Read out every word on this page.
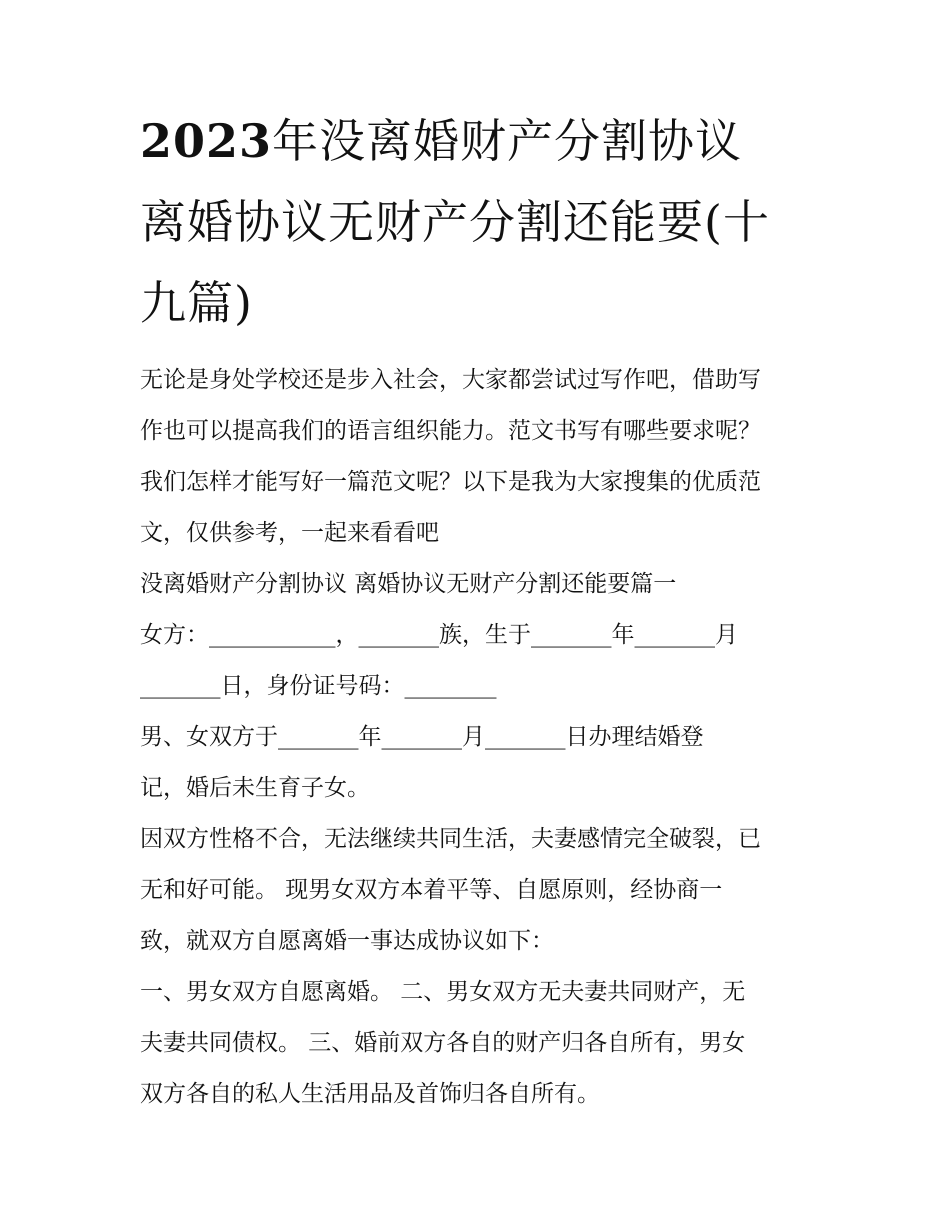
2023年没离婚财产分割协议
离婚协议无财产分割还能要(十
九篇)
无论是身处学校还是步入社会，大家都尝试过写作吧，借助写
作也可以提高我们的语言组织能力。范文书写有哪些要求呢？
我们怎样才能写好一篇范文呢？以下是我为大家搜集的优质范
文，仅供参考，一起来看看吧
没离婚财产分割协议 离婚协议无财产分割还能要篇一
女方：___________，_______族，生于_______年_______月
_______日，身份证号码：________
男、女双方于_______年_______月_______日办理结婚登
记，婚后未生育子女。
因双方性格不合，无法继续共同生活，夫妻感情完全破裂，已
无和好可能。 现男女双方本着平等、自愿原则，经协商一
致，就双方自愿离婚一事达成协议如下：
一、男女双方自愿离婚。 二、男女双方无夫妻共同财产，无
夫妻共同债权。 三、婚前双方各自的财产归各自所有，男女
双方各自的私人生活用品及首饰归各自所有。
